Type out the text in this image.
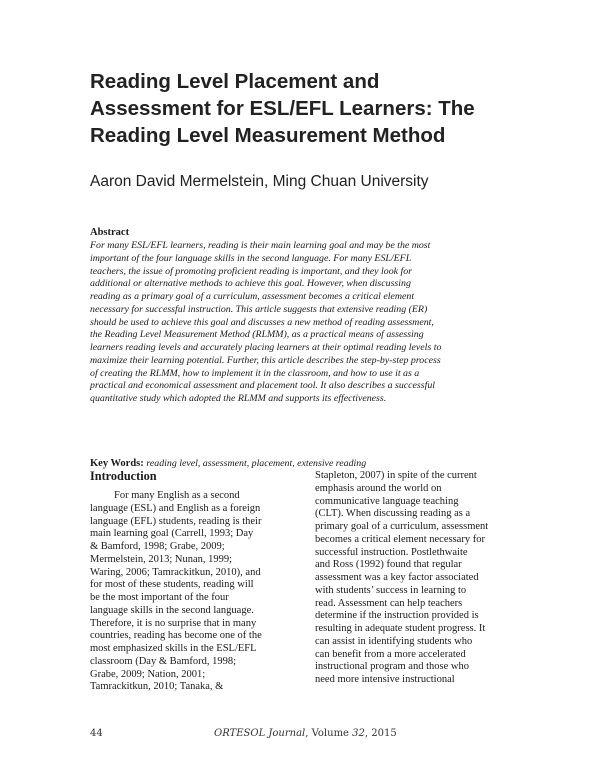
Reading Level Placement and
Assessment for ESL/EFL Learners: The
Reading Level Measurement Method

Aaron David Mermelstein, Ming Chuan University

Abstract
For many ESL/EFL learners, reading is their main learning goal and may be the most
important of the four language skills in the second language. For many ESL/EFL
teachers, the issue of promoting proficient reading is important, and they look for
additional or alternative methods to achieve this goal. However, when discussing
reading as a primary goal of a curriculum, assessment becomes a critical element
necessary for successful instruction. This article suggests that extensive reading (ER)
should be used to achieve this goal and discusses a new method of reading assessment,
the Reading Level Measurement Method (RLMM), as a practical means of assessing
learners reading levels and accurately placing learners at their optimal reading levels to
maximize their learning potential. Further, this article describes the step-by-step process
of creating the RLMM, how to implement it in the classroom, and how to use it as a
practical and economical assessment and placement tool. It also describes a successful
quantitative study which adopted the RLMM and supports its effectiveness.

Key Words: reading level, assessment, placement, extensive reading

Introduction
For many English as a second
language (ESL) and English as a foreign
language (EFL) students, reading is their
main learning goal (Carrell, 1993; Day
& Bamford, 1998; Grabe, 2009;
Mermelstein, 2013; Nunan, 1999;
Waring, 2006; Tamrackitkun, 2010), and
for most of these students, reading will
be the most important of the four
language skills in the second language.
Therefore, it is no surprise that in many
countries, reading has become one of the
most emphasized skills in the ESL/EFL
classroom (Day & Bamford, 1998;
Grabe, 2009; Nation, 2001;
Tamrackitkun, 2010; Tanaka, &
Stapleton, 2007) in spite of the current
emphasis around the world on
communicative language teaching
(CLT). When discussing reading as a
primary goal of a curriculum, assessment
becomes a critical element necessary for
successful instruction. Postlethwaite
and Ross (1992) found that regular
assessment was a key factor associated
with students’ success in learning to
read. Assessment can help teachers
determine if the instruction provided is
resulting in adequate student progress. It
can assist in identifying students who
can benefit from a more accelerated
instructional program and those who
need more intensive instructional
44	ORTESOL Journal, Volume 32, 2015
